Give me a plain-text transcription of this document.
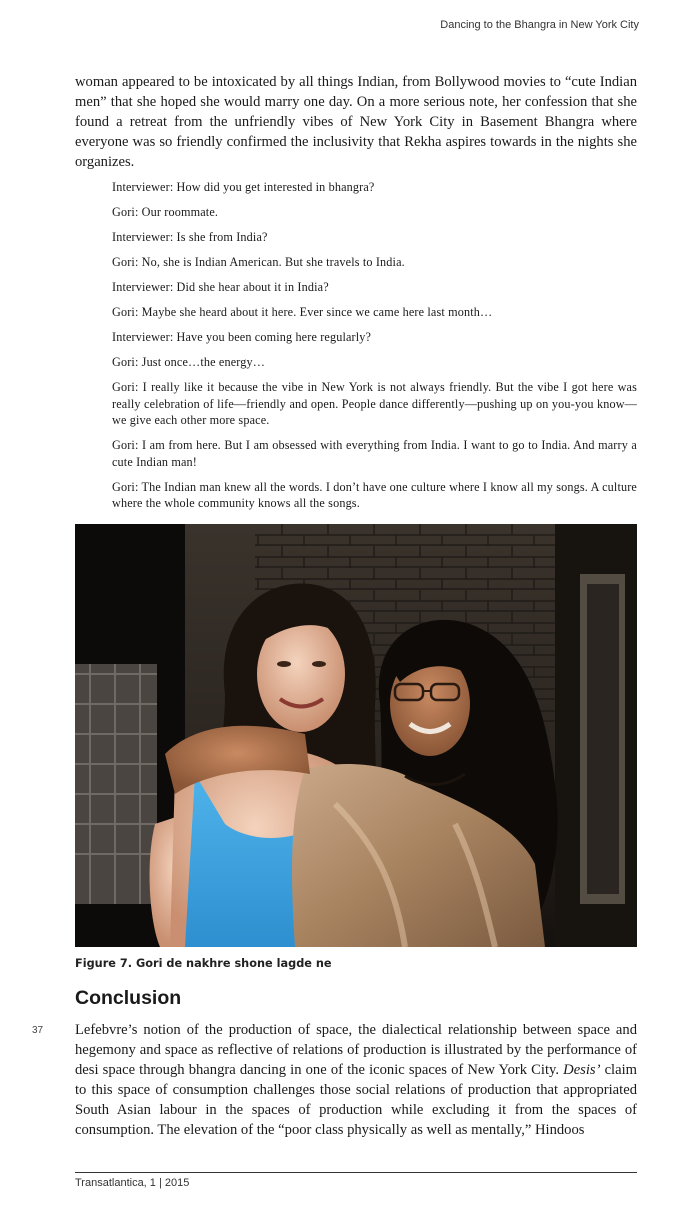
Dancing to the Bhangra in New York City

woman appeared to be intoxicated by all things Indian, from Bollywood movies to “cute Indian men” that she hoped she would marry one day. On a more serious note, her confession that she found a retreat from the unfriendly vibes of New York City in Basement Bhangra where everyone was so friendly confirmed the inclusivity that Rekha aspires towards in the nights she organizes.

Interviewer: How did you get interested in bhangra?

Gori: Our roommate.

Interviewer: Is she from India?

Gori: No, she is Indian American. But she travels to India.

Interviewer: Did she hear about it in India?

Gori: Maybe she heard about it here. Ever since we came here last month…

Interviewer: Have you been coming here regularly?

Gori: Just once…the energy…

Gori: I really like it because the vibe in New York is not always friendly. But the vibe I got here was really celebration of life—friendly and open. People dance differently—pushing up on you-you know—we give each other more space.

Gori: I am from here. But I am obsessed with everything from India. I want to go to India. And marry a cute Indian man!

Gori: The Indian man knew all the words. I don’t have one culture where I know all my songs. A culture where the whole community knows all the songs.

Figure 7. Gori de nakhre shone lagde ne
Conclusion
37 Lefebvre’s notion of the production of space, the dialectical relationship between space and hegemony and space as reflective of relations of production is illustrated by the performance of desi space through bhangra dancing in one of the iconic spaces of New York City. Desis’ claim to this space of consumption challenges those social relations of production that appropriated South Asian labour in the spaces of production while excluding it from the spaces of consumption. The elevation of the “poor class physically as well as mentally,” Hindoos

Transatlantica, 1 | 2015
